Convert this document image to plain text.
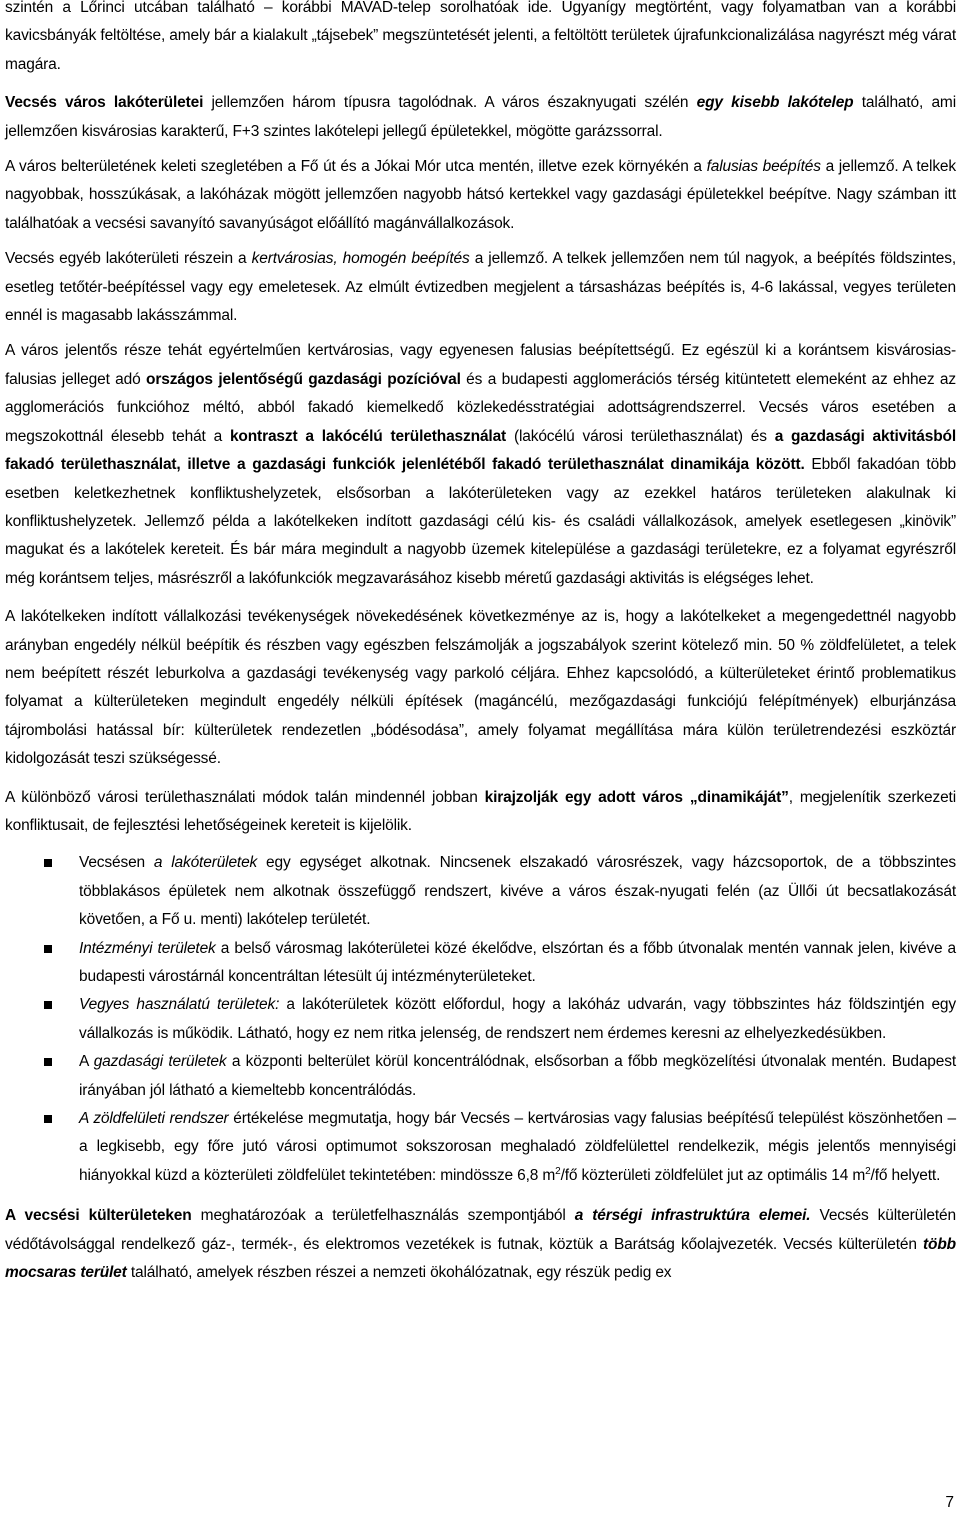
szintén a Lőrinci utcában található – korábbi MAVAD-telep sorolhatóak ide. Ugyanígy megtörtént, vagy folyamatban van a korábbi kavicsbányák feltöltése, amely bár a kialakult „tájsebek” megszüntetését jelenti, a feltöltött területek újrafunkcionalizálása nagyrészt még várat magára.

Vecsés város lakóterületei jellemzően három típusra tagolódnak. A város északnyugati szélén egy kisebb lakótelep található, ami jellemzően kisvárosias karakterű, F+3 szintes lakótelepi jellegű épületekkel, mögötte garázssorral.

A város belterületének keleti szegletében a Fő út és a Jókai Mór utca mentén, illetve ezek környékén a falusias beépítés a jellemző. A telkek nagyobbak, hosszúkásak, a lakóházak mögött jellemzően nagyobb hátsó kertekkel vagy gazdasági épületekkel beépítve. Nagy számban itt találhatóak a vecsési savanyító savanyúságot előállító magánvállalkozások.

Vecsés egyéb lakóterületi részein a kertvárosias, homogén beépítés a jellemző. A telkek jellemzően nem túl nagyok, a beépítés földszintes, esetleg tetőtér-beépítéssel vagy egy emeletesek. Az elmúlt évtizedben megjelent a társasházas beépítés is, 4-6 lakással, vegyes területen ennél is magasabb lakásszámmal.

A város jelentős része tehát egyértelműen kertvárosias, vagy egyenesen falusias beépítettségű. Ez egészül ki a korántsem kisvárosias-falusias jelleget adó országos jelentőségű gazdasági pozícióval és a budapesti agglomerációs térség kitüntetett elemeként az ehhez az agglomerációs funkcióhoz méltó, abból fakadó kiemelkedő közlekedésstratégiai adottságrendszerrel. Vecsés város esetében a megszokottnál élesebb tehát a kontraszt a lakócélú területhasználat (lakócélú városi területhasználat) és a gazdasági aktivitásból fakadó területhasználat, illetve a gazdasági funkciók jelenlétéből fakadó területhasználat dinamikája között. Ebből fakadóan több esetben keletkezhetnek konfliktushelyzetek, elsősorban a lakóterületeken vagy az ezekkel határos területeken alakulnak ki konfliktushelyzetek. Jellemző példa a lakótelkeken indított gazdasági célú kis- és családi vállalkozások, amelyek esetlegesen „kinövik” magukat és a lakótelek kereteit. És bár mára megindult a nagyobb üzemek kitelepülése a gazdasági területekre, ez a folyamat egyrészről még korántsem teljes, másrészről a lakófunkciók megzavarásához kisebb méretű gazdasági aktivitás is elégséges lehet.

A lakótelkeken indított vállalkozási tevékenységek növekedésének következménye az is, hogy a lakótelkeket a megengedettnél nagyobb arányban engedély nélkül beépítik és részben vagy egészben felszámolják a jogszabályok szerint kötelező min. 50 % zöldfelületet, a telek nem beépített részét leburkolva a gazdasági tevékenység vagy parkoló céljára. Ehhez kapcsolódó, a külterületeket érintő problematikus folyamat a külterületeken megindult engedély nélküli építések (magáncélú, mezőgazdasági funkciójú felépítmények) elburjánzása tájrombolási hatással bír: külterületek rendezetlen „bódésodása”, amely folyamat megállítása mára külön területrendezési eszköztár kidolgozását teszi szükségessé.

A különböző városi területhasználati módok talán mindennél jobban kirajzolják egy adott város „dinamikáját”, megjelenítik szerkezeti konfliktusait, de fejlesztési lehetőségeinek kereteit is kijelölik.

Vecsésen a lakóterületek egy egységet alkotnak. Nincsenek elszakadó városrészek, vagy házcsoportok, de a többszintes többlakásos épületek nem alkotnak összefüggő rendszert, kivéve a város észak-nyugati felén (az Üllői út becsatlakozását követően, a Fő u. menti) lakótelep területét.
Intézményi területek a belső városmag lakóterületei közé ékelődve, elszórtan és a főbb útvonalak mentén vannak jelen, kivéve a budapesti várostárnál koncentráltan létesült új intézményterületeket.
Vegyes használatú területek: a lakóterületek között előfordul, hogy a lakóház udvarán, vagy többszintes ház földszintjén egy vállalkozás is működik. Látható, hogy ez nem ritka jelenség, de rendszert nem érdemes keresni az elhelyezkedésükben.
A gazdasági területek a központi belterület körül koncentrálódnak, elsősorban a főbb megközelítési útvonalak mentén. Budapest irányában jól látható a kiemeltebb koncentrálódás.
A zöldfelületi rendszer értékelése megmutatja, hogy bár Vecsés – kertvárosias vagy falusias beépítésű települést köszönhetően – a legkisebb, egy főre jutó városi optimumot sokszorosan meghaladó zöldfelülettel rendelkezik, mégis jelentős mennyiségi hiányokkal küzd a közterületi zöldfelület tekintetében: mindössze 6,8 $m^2/fő$ közterületi zöldfelület jut az optimális 14 $m^2/fő$ helyett.

A vecsési külterületeken meghatározóak a területfelhasználás szempontjából a térségi infrastruktúra elemei. Vecsés külterületén védőtávolsággal rendelkező gáz-, termék-, és elektromos vezetékek is futnak, köztük a Barátság kőolajvezeték. Vecsés külterületén több mocsaras terület található, amelyek részben részei a nemzeti ökohálózatnak, egy részük pedig ex

7
